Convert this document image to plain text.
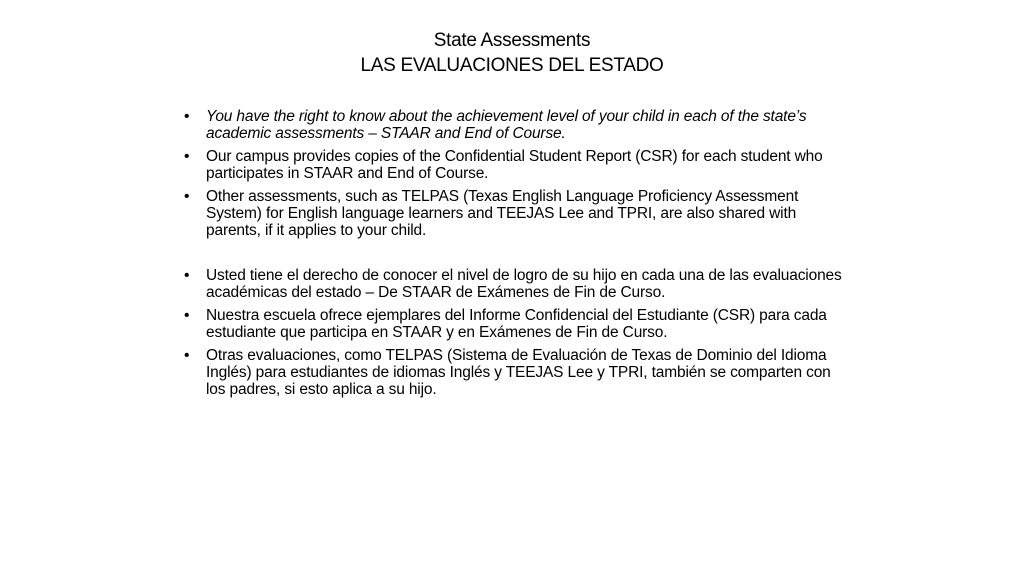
State Assessments
LAS EVALUACIONES DEL ESTADO
•	You have the right to know about the achievement level of your child in each of the state’s academic assessments – STAAR and End of Course.
•	Our campus provides copies of the Confidential Student Report (CSR) for each student who participates in STAAR and End of Course.
•	Other assessments, such as TELPAS (Texas English Language Proficiency Assessment System) for English language learners and TEEJAS Lee and TPRI, are also shared with parents, if it applies to your child.
•	Usted tiene el derecho de conocer el nivel de logro de su hijo en cada una de las evaluaciones académicas del estado – De STAAR de Exámenes de Fin de Curso.
•	Nuestra escuela ofrece ejemplares del Informe Confidencial del Estudiante (CSR) para cada estudiante que participa en STAAR y en Exámenes de Fin de Curso.
•	Otras evaluaciones, como TELPAS (Sistema de Evaluación de Texas de Dominio del Idioma Inglés) para estudiantes de idiomas Inglés y TEEJAS Lee y TPRI, también se comparten con los padres, si esto aplica a su hijo.
